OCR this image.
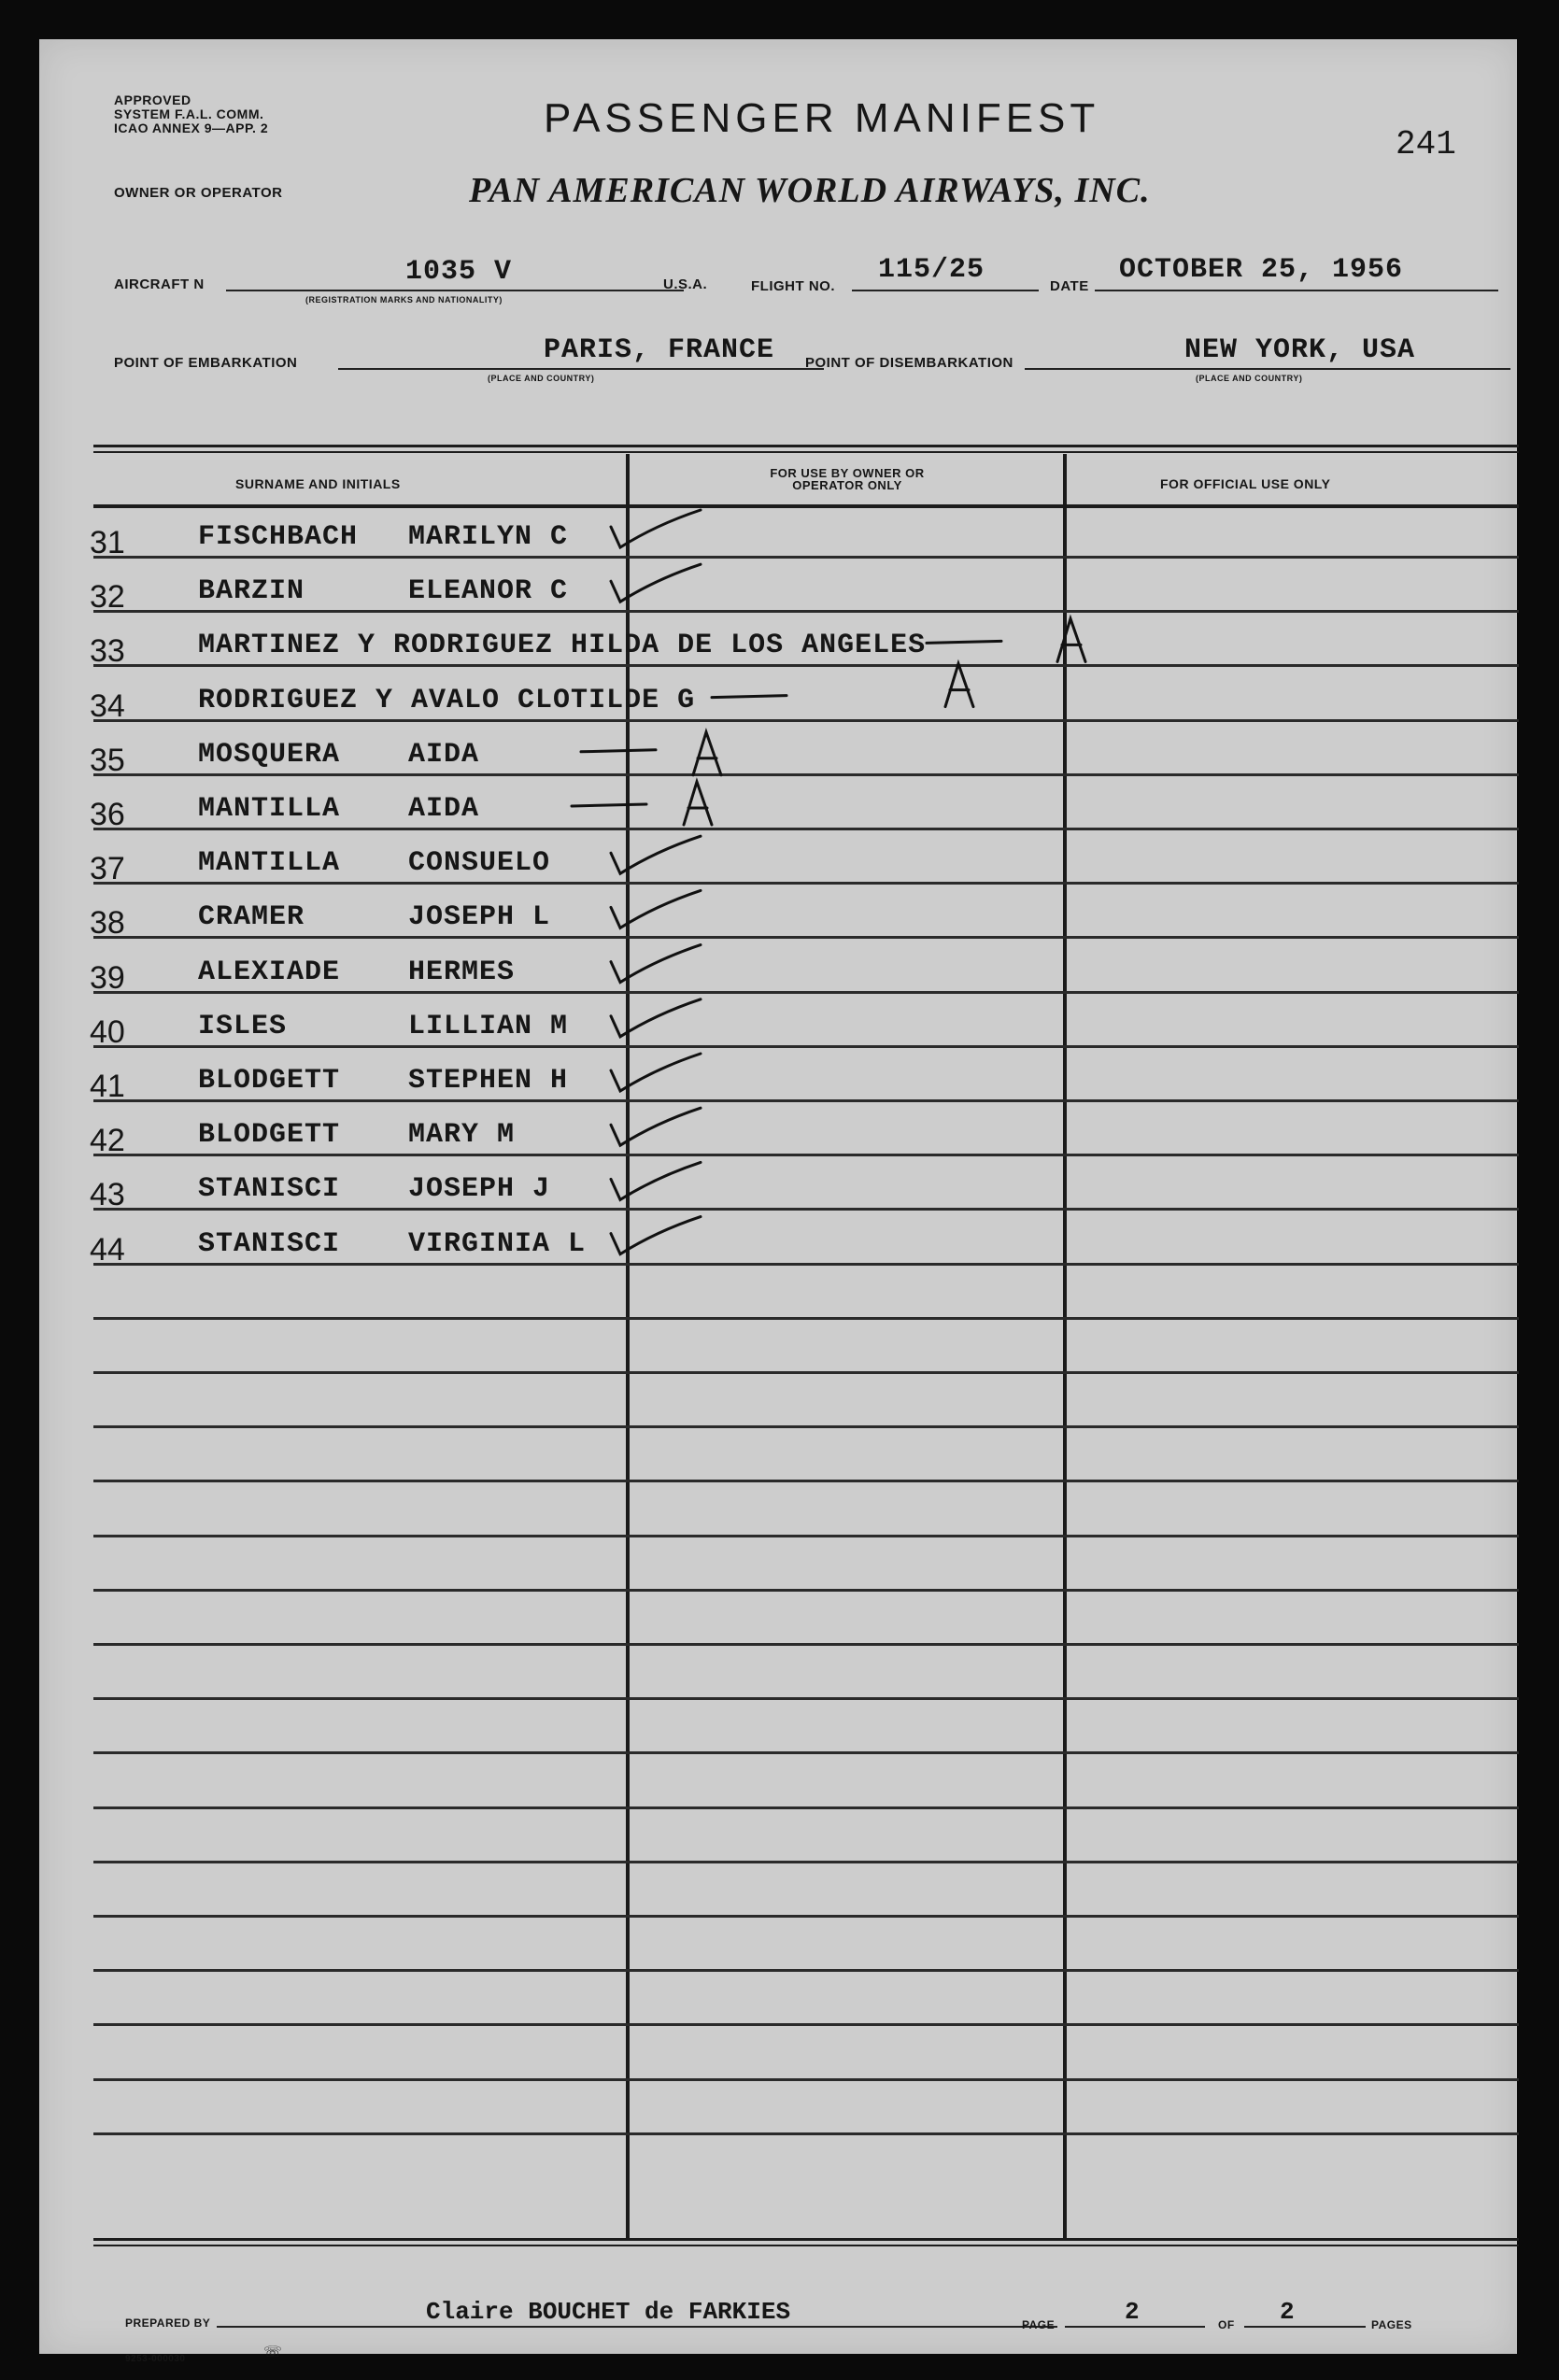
APPROVED
SYSTEM F.A.L. COMM.
ICAO ANNEX 9—APP. 2	PASSENGER MANIFEST
241
OWNER OR OPERATOR	PAN AMERICAN WORLD AIRWAYS, INC.
AIRCRAFT N	1035 V
(REGISTRATION MARKS AND NATIONALITY)
U.S.A.	FLIGHT NO.
115/25
DATE
OCTOBER 25, 1956
POINT OF EMBARKATION	PARIS, FRANCE
(PLACE AND COUNTRY)
POINT OF DISEMBARKATION	NEW YORK, USA
(PLACE AND COUNTRY)
SURNAME AND INITIALS
FOR USE BY OWNER OR OPERATOR ONLY	FOR OFFICIAL USE ONLY
31	FISCHBACH MARILYN C
32	BARZIN	ELEANOR C
33	MARTINEZ Y RODRIGUEZ HILDA DE LOS ANGELES
34	RODRIGUEZ Y AVALO CLOTILDE G
35	MOSQUERA AIDA
36	MANTILLA AIDA
37	MANTILLA CONSUELO
38	CRAMER	JOSEPH L
39	ALEXIADE HERMES
40	ISLES	LILLIAN M
41	BLODGETT STEPHEN H
42	BLODGETT MARY M
43	STANISCI JOSEPH J
44	STANISCI VIRGINIA L
PREPARED BY	Claire BOUCHET de FARKIES	PAGE	2	OF 2	PAGES
9253-000030	☏
